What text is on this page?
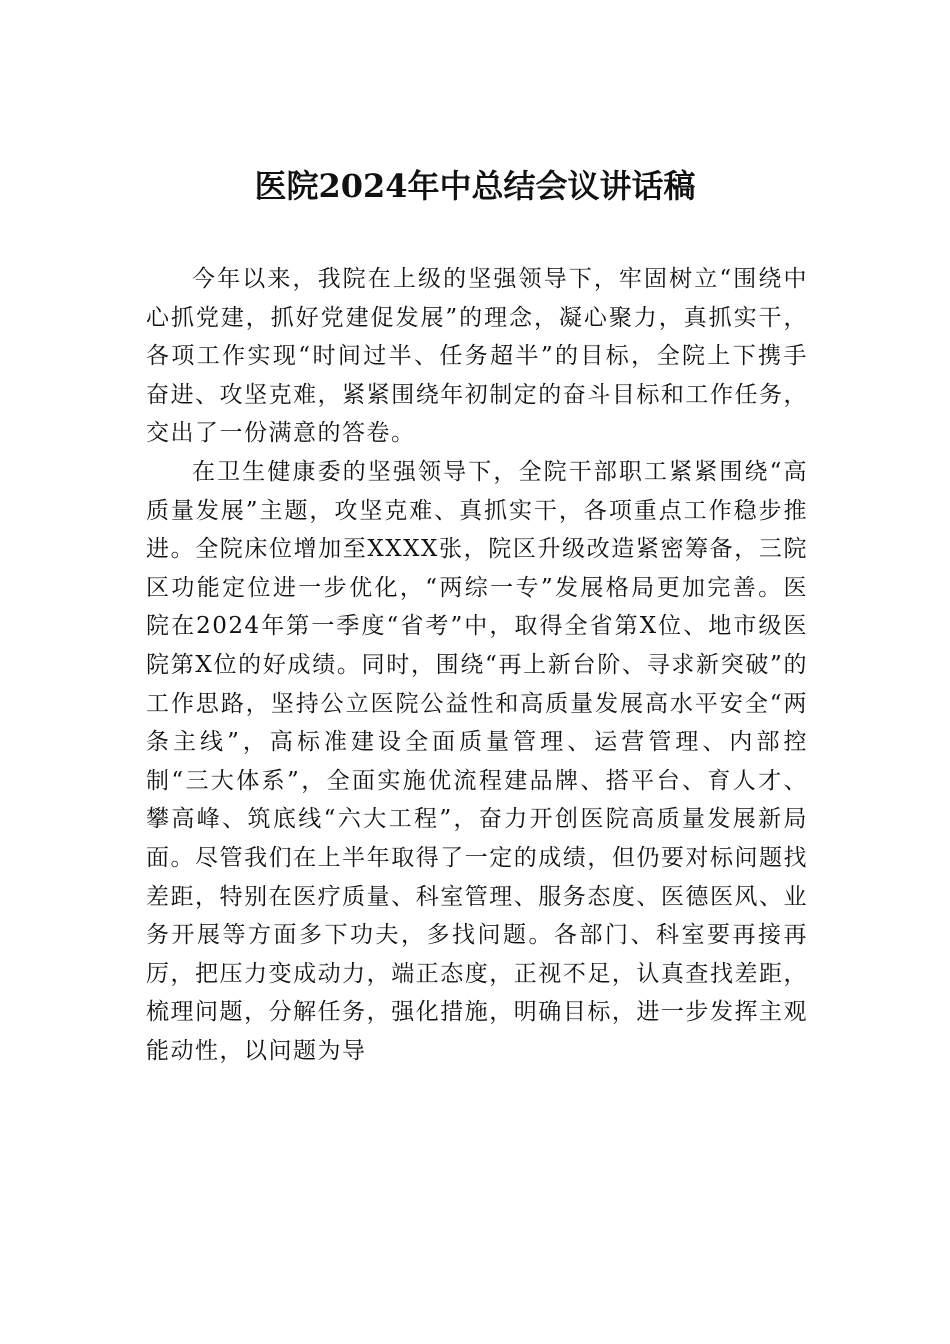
医院2024年中总结会议讲话稿

今年以来，我院在上级的坚强领导下，牢固树立“围绕中心抓党建，抓好党建促发展”的理念，凝心聚力，真抓实干，各项工作实现“时间过半、任务超半”的目标，全院上下携手奋进、攻坚克难，紧紧围绕年初制定的奋斗目标和工作任务，交出了一份满意的答卷。

在卫生健康委的坚强领导下，全院干部职工紧紧围绕“高质量发展”主题，攻坚克难、真抓实干，各项重点工作稳步推进。全院床位增加至XXXX张，院区升级改造紧密筹备，三院区功能定位进一步优化，“两综一专”发展格局更加完善。医院在2024年第一季度“省考”中，取得全省第X位、地市级医院第X位的好成绩。同时，围绕“再上新台阶、寻求新突破”的工作思路，坚持公立医院公益性和高质量发展高水平安全“两条主线”，高标准建设全面质量管理、运营管理、内部控制“三大体系”，全面实施优流程建品牌、搭平台、育人才、攀高峰、筑底线“六大工程”，奋力开创医院高质量发展新局面。尽管我们在上半年取得了一定的成绩，但仍要对标问题找差距，特别在医疗质量、科室管理、服务态度、医德医风、业务开展等方面多下功夫，多找问题。各部门、科室要再接再厉，把压力变成动力，端正态度，正视不足，认真查找差距，梳理问题，分解任务，强化措施，明确目标，进一步发挥主观能动性，以问题为导
